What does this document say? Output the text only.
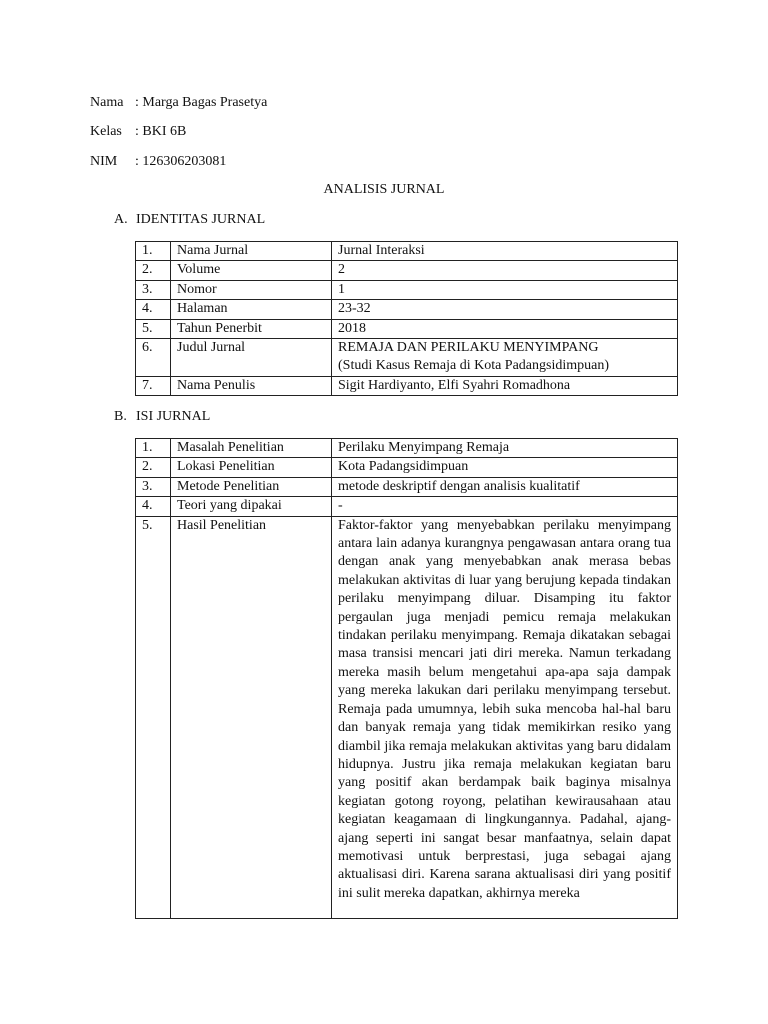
Nama : Marga Bagas Prasetya
Kelas : BKI 6B
NIM : 126306203081
ANALISIS JURNAL
A. IDENTITAS JURNAL
1.	Nama Jurnal	Jurnal Interaksi
2.	Volume	2
3.	Nomor	1
4.	Halaman	23-32
5.	Tahun Penerbit	2018
6.	Judul Jurnal	REMAJA DAN PERILAKU MENYIMPANG
(Studi Kasus Remaja di Kota Padangsidimpuan)

7.	Nama Penulis	Sigit Hardiyanto, Elfi Syahri Romadhona
B. ISI JURNAL
1.	Masalah Penelitian	Perilaku Menyimpang Remaja
2.	Lokasi Penelitian	Kota Padangsidimpuan
3.	Metode Penelitian	metode deskriptif dengan analisis kualitatif
4.	Teori yang dipakai	-
5.	Hasil Penelitian	Faktor-faktor yang menyebabkan perilaku menyimpang antara lain adanya kurangnya pengawasan antara orang tua dengan anak yang menyebabkan anak merasa bebas melakukan aktivitas di luar yang berujung kepada tindakan perilaku menyimpang diluar. Disamping itu faktor pergaulan juga menjadi pemicu remaja melakukan tindakan perilaku menyimpang. Remaja dikatakan sebagai masa transisi mencari jati diri mereka. Namun terkadang mereka masih belum mengetahui apa-apa saja dampak yang mereka lakukan dari perilaku menyimpang tersebut. Remaja pada umumnya, lebih suka mencoba hal-hal baru dan banyak remaja yang tidak memikirkan resiko yang diambil jika remaja melakukan aktivitas yang baru didalam hidupnya. Justru jika remaja melakukan kegiatan baru yang positif akan berdampak baik baginya misalnya kegiatan gotong royong, pelatihan kewirausahaan atau kegiatan keagamaan di lingkungannya. Padahal, ajang-ajang seperti ini sangat besar manfaatnya, selain dapat memotivasi untuk berprestasi, juga sebagai ajang aktualisasi diri. Karena sarana aktualisasi diri yang positif ini sulit mereka dapatkan, akhirnya mereka
